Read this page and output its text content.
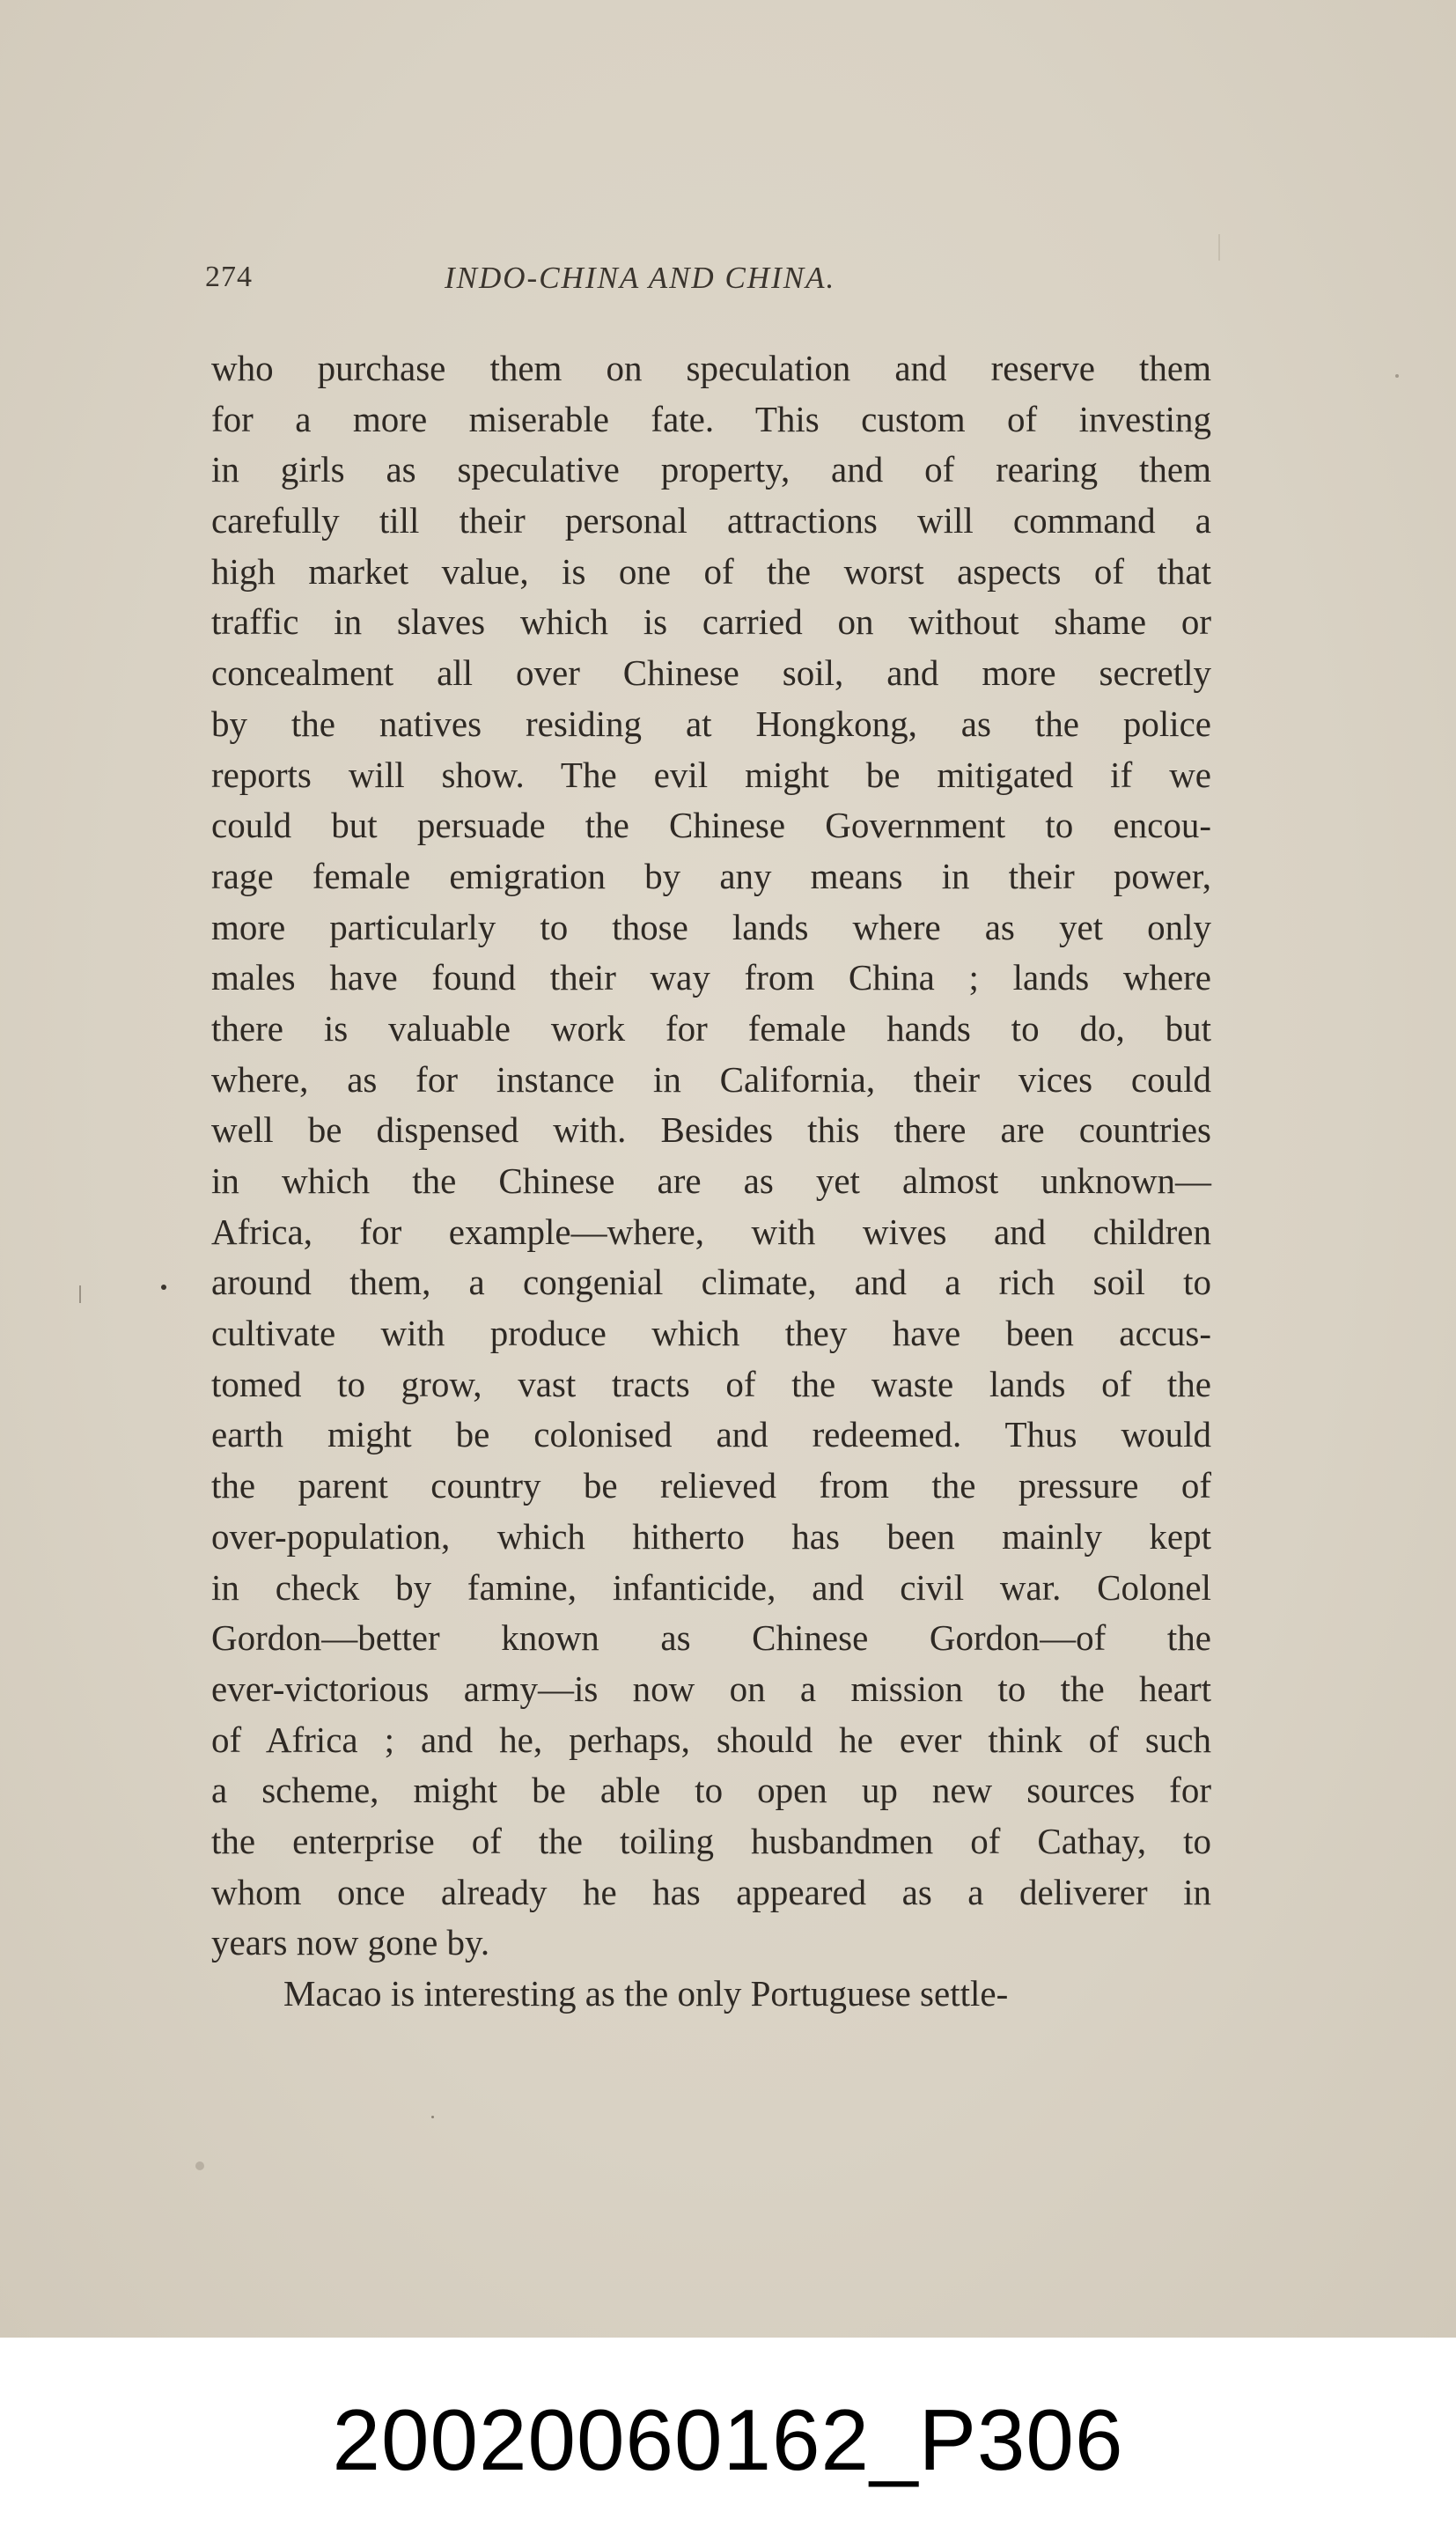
274	INDO-CHINA AND CHINA.
who purchase them on speculation and reserve them
for a more miserable fate. This custom of investing
in girls as speculative property, and of rearing them
carefully till their personal attractions will command a
high market value, is one of the worst aspects of that
traffic in slaves which is carried on without shame or
concealment all over Chinese soil, and more secretly
by the natives residing at Hongkong, as the police
reports will show. The evil might be mitigated if we
could but persuade the Chinese Government to encou-
rage female emigration by any means in their power,
more particularly to those lands where as yet only
males have found their way from China ; lands where
there is valuable work for female hands to do, but
where, as for instance in California, their vices could
well be dispensed with. Besides this there are countries
in which the Chinese are as yet almost unknown—
Africa, for example—where, with wives and children
around them, a congenial climate, and a rich soil to
cultivate with produce which they have been accus-
tomed to grow, vast tracts of the waste lands of the
earth might be colonised and redeemed. Thus would
the parent country be relieved from the pressure of
over-population, which hitherto has been mainly kept
in check by famine, infanticide, and civil war. Colonel
Gordon—better known as Chinese Gordon—of the
ever-victorious army—is now on a mission to the heart
of Africa ; and he, perhaps, should he ever think of such
a scheme, might be able to open up new sources for
the enterprise of the toiling husbandmen of Cathay, to
whom once already he has appeared as a deliverer in
years now gone by.
Macao is interesting as the only Portuguese settle-
20020060162_P306
